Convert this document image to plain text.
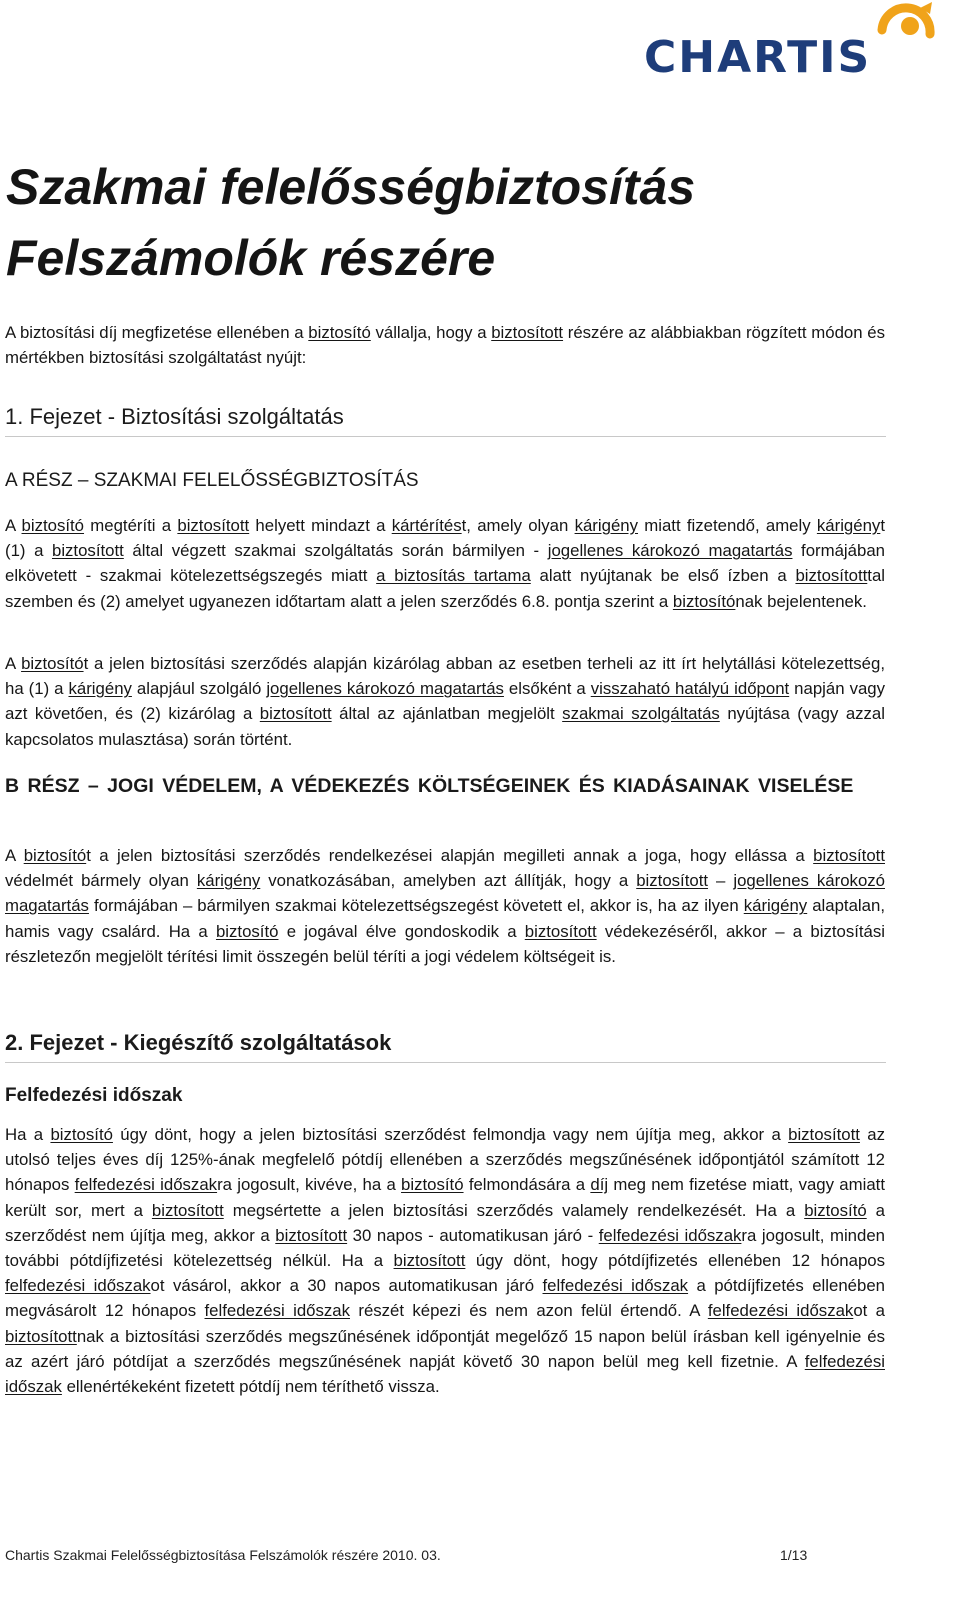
CHARTIS
Szakmai felelősségbiztosítás
Felszámolók részére

A biztosítási díj megfizetése ellenében a biztosító vállalja, hogy a biztosított részére az alábbiakban rögzített módon és mértékben biztosítási szolgáltatást nyújt:

1. Fejezet - Biztosítási szolgáltatás
A RÉSZ – SZAKMAI FELELŐSSÉGBIZTOSÍTÁS

A biztosító megtéríti a biztosított helyett mindazt a kártérítést, amely olyan kárigény miatt fizetendő, amely kárigényt (1) a biztosított által végzett szakmai szolgáltatás során bármilyen - jogellenes károkozó magatartás formájában elkövetett - szakmai kötelezettségszegés miatt a biztosítás tartama alatt nyújtanak be első ízben a biztosítotttal szemben és (2) amelyet ugyanezen időtartam alatt a jelen szerződés 6.8. pontja szerint a biztosítónak bejelentenek.

A biztosítót a jelen biztosítási szerződés alapján kizárólag abban az esetben terheli az itt írt helytállási kötelezettség, ha (1) a kárigény alapjául szolgáló jogellenes károkozó magatartás elsőként a visszaható hatályú időpont napján vagy azt követően, és (2) kizárólag a biztosított által az ajánlatban megjelölt szakmai szolgáltatás nyújtása (vagy azzal kapcsolatos mulasztása) során történt.

B RÉSZ – JOGI VÉDELEM, A VÉDEKEZÉS KÖLTSÉGEINEK ÉS KIADÁSAINAK VISELÉSE

A biztosítót a jelen biztosítási szerződés rendelkezései alapján megilleti annak a joga, hogy ellássa a biztosított védelmét bármely olyan kárigény vonatkozásában, amelyben azt állítják, hogy a biztosított – jogellenes károkozó magatartás formájában – bármilyen szakmai kötelezettségszegést követett el, akkor is, ha az ilyen kárigény alaptalan, hamis vagy csalárd. Ha a biztosító e jogával élve gondoskodik a biztosított védekezéséről, akkor – a biztosítási részletezőn megjelölt térítési limit összegén belül téríti a jogi védelem költségeit is.

2. Fejezet - Kiegészítő szolgáltatások
Felfedezési időszak

Ha a biztosító úgy dönt, hogy a jelen biztosítási szerződést felmondja vagy nem újítja meg, akkor a biztosított az utolsó teljes éves díj 125%-ának megfelelő pótdíj ellenében a szerződés megszűnésének időpontjától számított 12 hónapos felfedezési időszakra jogosult, kivéve, ha a biztosító felmondására a díj meg nem fizetése miatt, vagy amiatt került sor, mert a biztosított megsértette a jelen biztosítási szerződés valamely rendelkezését. Ha a biztosító a szerződést nem újítja meg, akkor a biztosított 30 napos - automatikusan járó - felfedezési időszakra jogosult, minden további pótdíjfizetési kötelezettség nélkül. Ha a biztosított úgy dönt, hogy pótdíjfizetés ellenében 12 hónapos felfedezési időszakot vásárol, akkor a 30 napos automatikusan járó felfedezési időszak a pótdíjfizetés ellenében megvásárolt 12 hónapos felfedezési időszak részét képezi és nem azon felül értendő. A felfedezési időszakot a biztosítottnak a biztosítási szerződés megszűnésének időpontját megelőző 15 napon belül írásban kell igényelnie és az azért járó pótdíjat a szerződés megszűnésének napját követő 30 napon belül meg kell fizetnie. A felfedezési időszak ellenértékeként fizetett pótdíj nem téríthető vissza.

Chartis Szakmai Felelősségbiztosítása Felszámolók részére 2010. 03.	1/13
